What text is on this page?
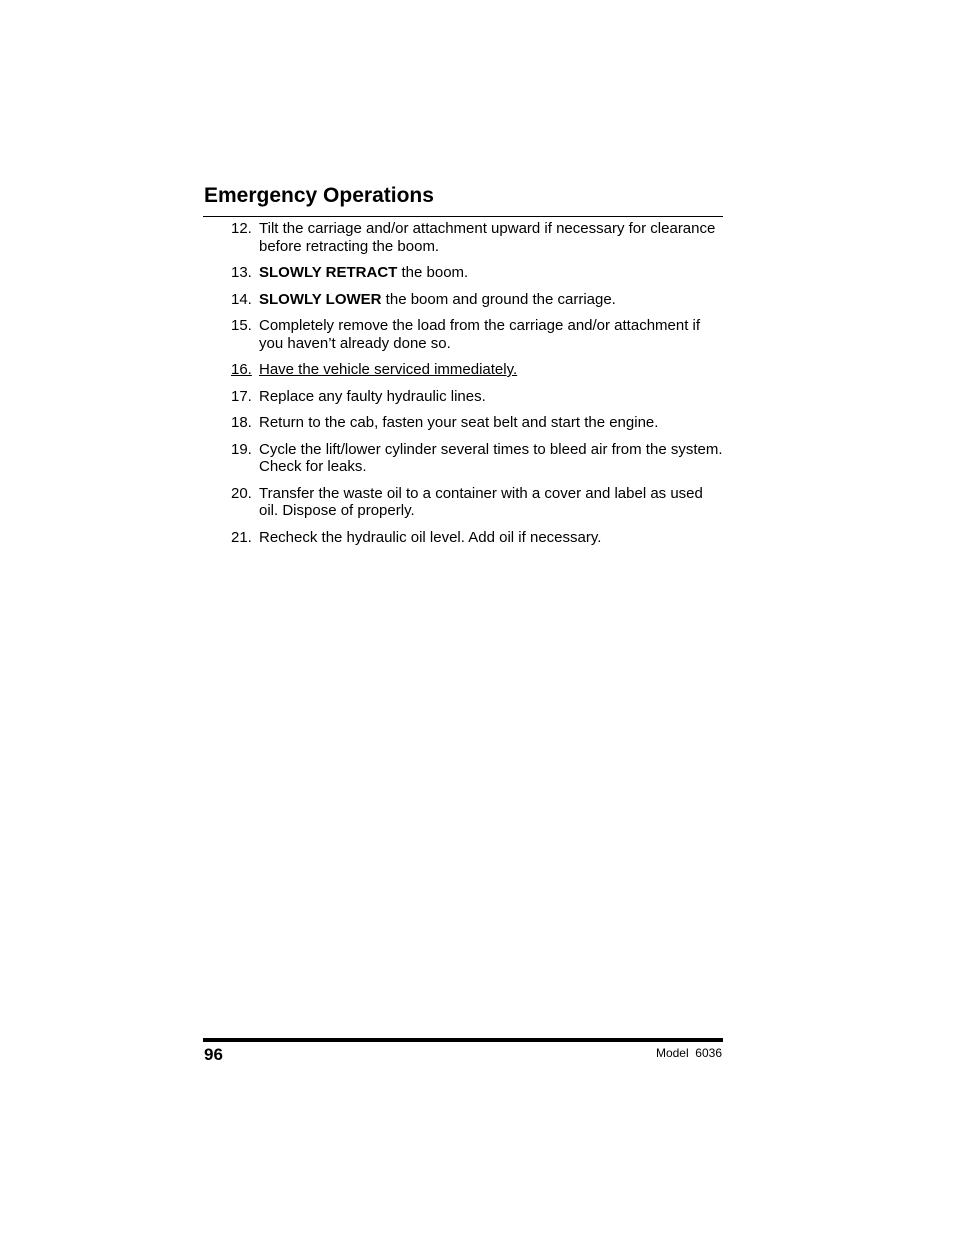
Emergency Operations
12. Tilt the carriage and/or attachment upward if necessary for clearance before retracting the boom.
13. SLOWLY RETRACT the boom.
14. SLOWLY LOWER the boom and ground the carriage.
15. Completely remove the load from the carriage and/or attachment if you haven’t already done so.
16. Have the vehicle serviced immediately.
17. Replace any faulty hydraulic lines.
18. Return to the cab, fasten your seat belt and start the engine.
19. Cycle the lift/lower cylinder several times to bleed air from the system. Check for leaks.
20. Transfer the waste oil to a container with a cover and label as used oil. Dispose of properly.
21. Recheck the hydraulic oil level. Add oil if necessary.
96	Model  6036
